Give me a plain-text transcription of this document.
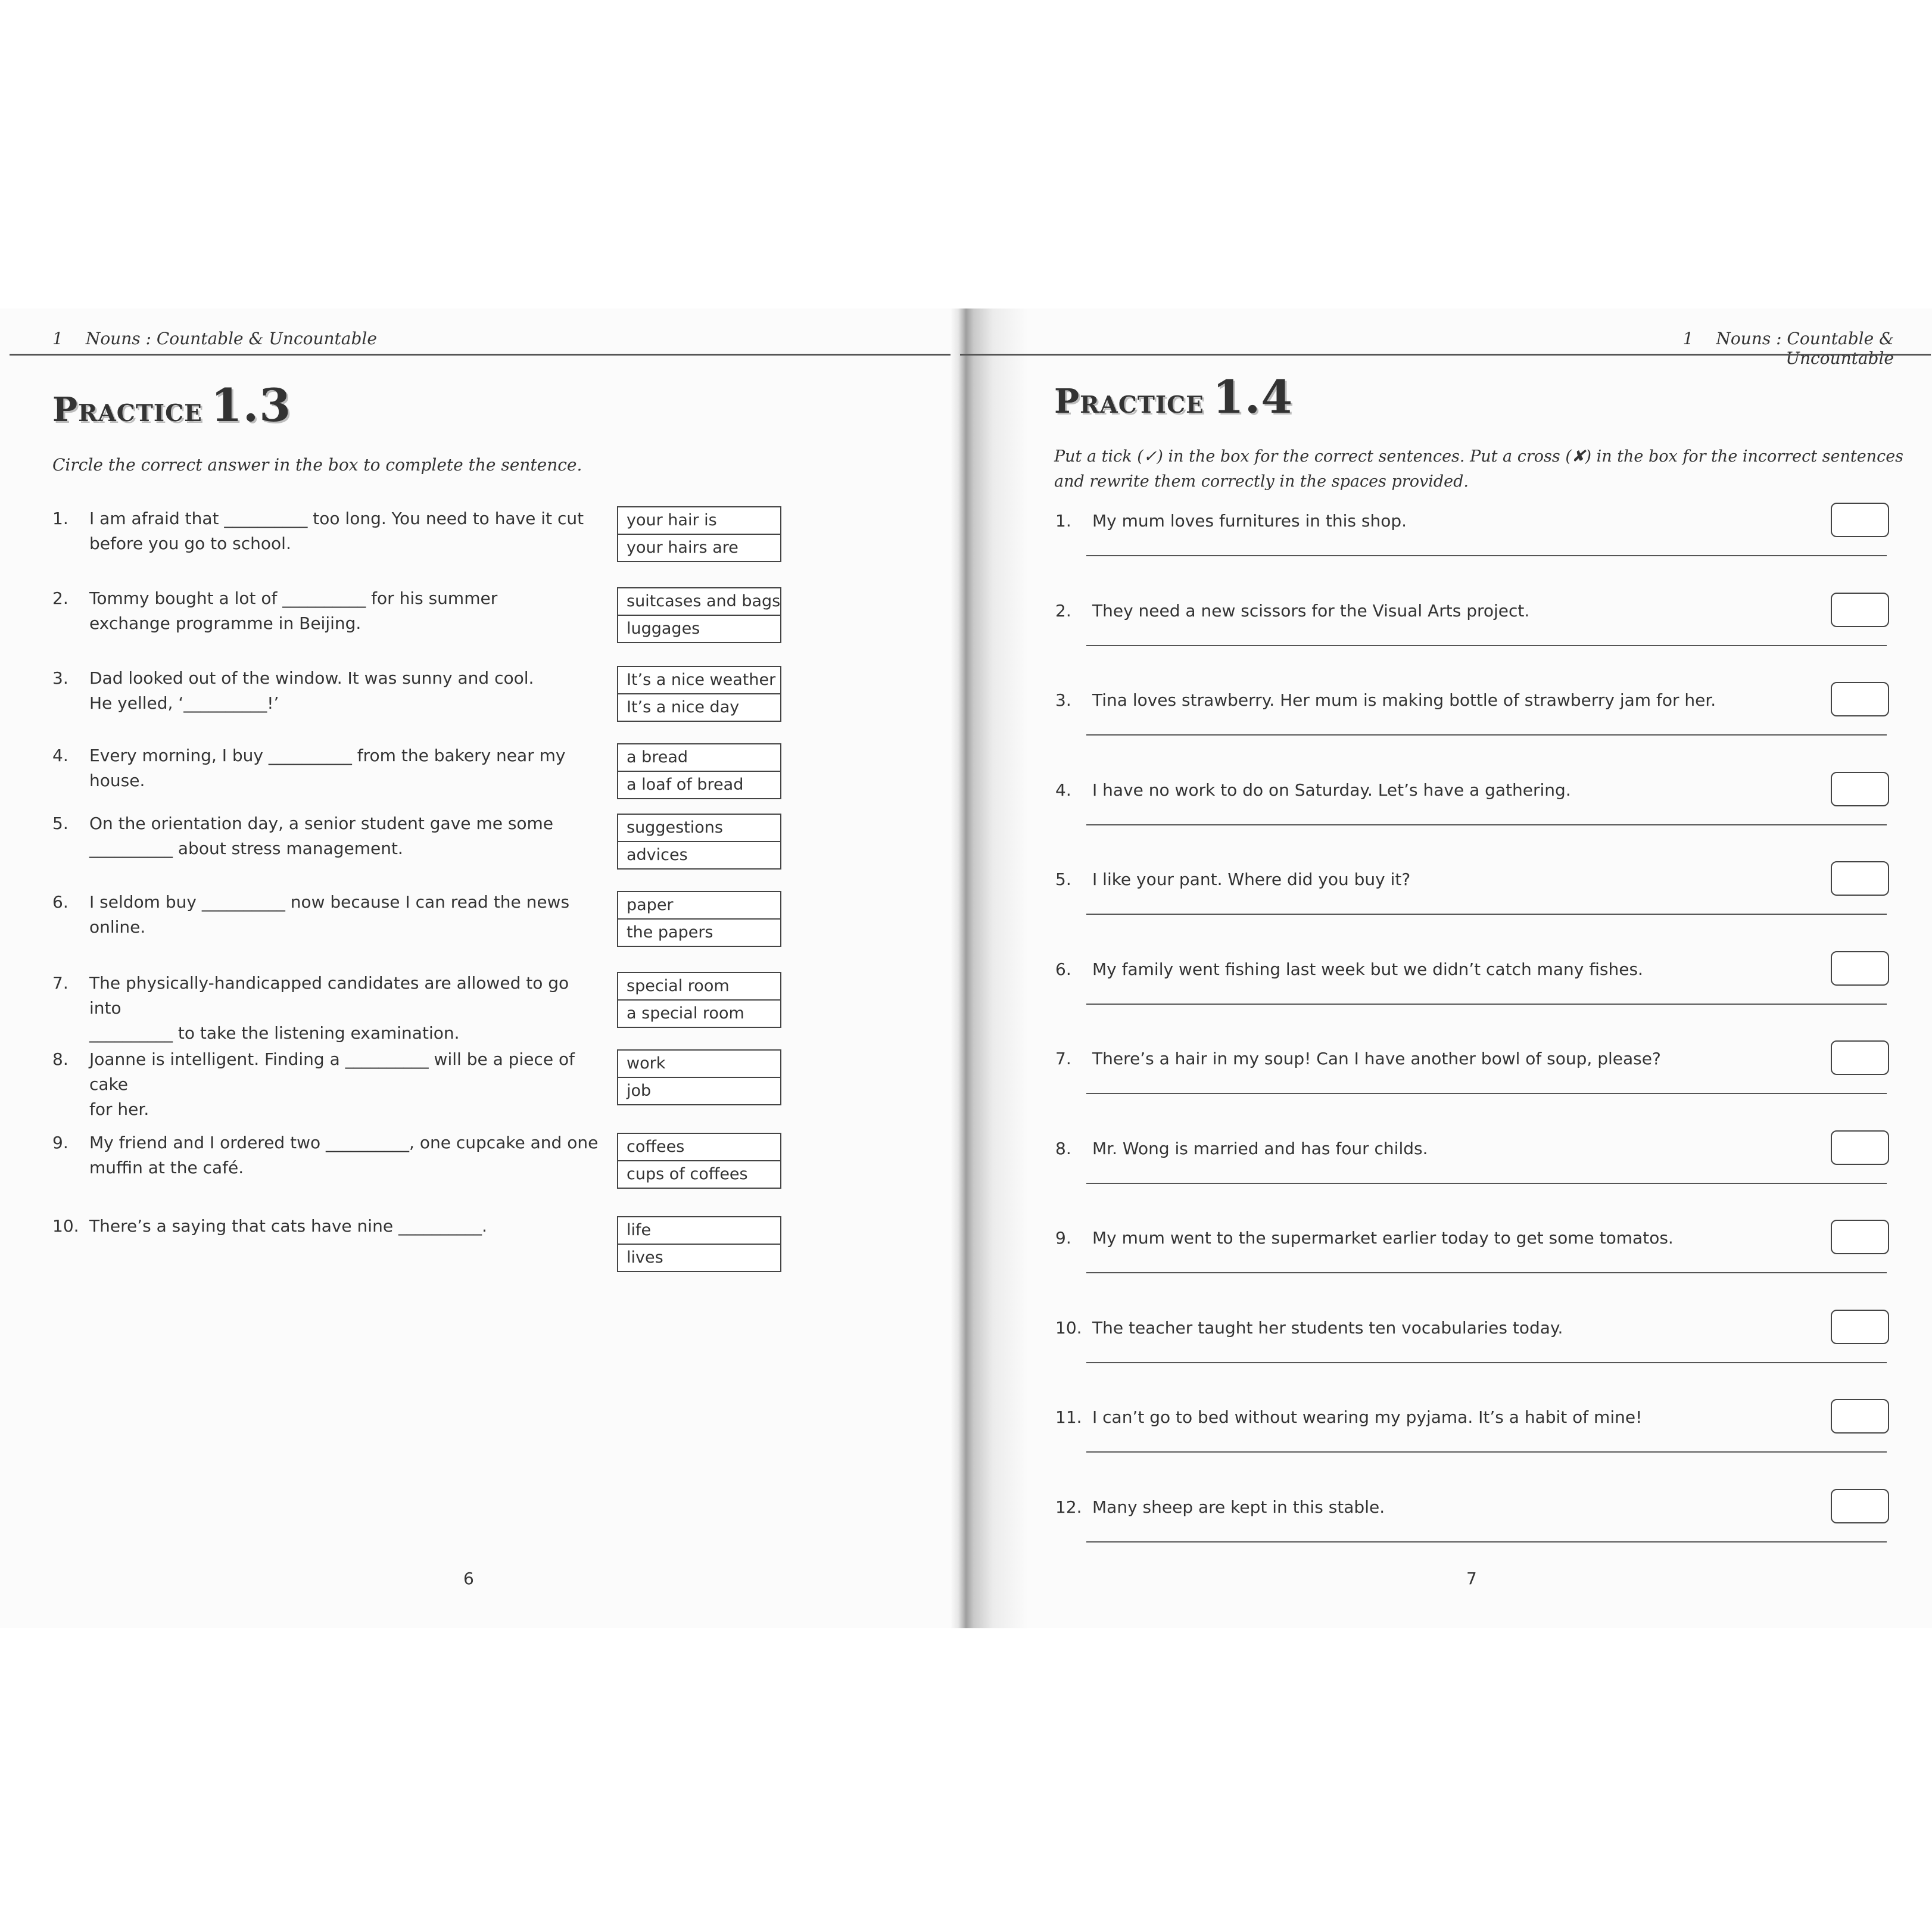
1 Nouns : Countable & Uncountable
Practice 1.3
Circle the correct answer in the box to complete the sentence.
1. I am afraid that __________ too long. You need to have it cut
before you go to school.
your hair is
your hairs are
2. Tommy bought a lot of __________ for his summer
exchange programme in Beijing.
suitcases and bags
luggages
3. Dad looked out of the window. It was sunny and cool.
He yelled, ‘__________!’
It’s a nice weather
It’s a nice day
4. Every morning, I buy __________ from the bakery near my house.
a bread
a loaf of bread
5. On the orientation day, a senior student gave me some
__________ about stress management.
suggestions
advices
6. I seldom buy __________ now because I can read the news online.
paper
the papers
7. The physically-handicapped candidates are allowed to go into
__________ to take the listening examination.
special room
a special room
8. Joanne is intelligent. Finding a __________ will be a piece of cake
for her.
work
job
9. My friend and I ordered two __________, one cupcake and one
muffin at the café.
coffees
cups of coffees
10. There’s a saying that cats have nine __________.	life
lives
6
1 Nouns : Countable & Uncountable
Practice 1.4
Put a tick (✓) in the box for the correct sentences. Put a cross (✘) in the box for the incorrect sentences
and rewrite them correctly in the spaces provided.
1. My mum loves furnitures in this shop.
2. They need a new scissors for the Visual Arts project.
3. Tina loves strawberry. Her mum is making bottle of strawberry jam for her.
4. I have no work to do on Saturday. Let’s have a gathering.
5. I like your pant. Where did you buy it?
6. My family went fishing last week but we didn’t catch many fishes.
7. There’s a hair in my soup! Can I have another bowl of soup, please?
8. Mr. Wong is married and has four childs.
9. My mum went to the supermarket earlier today to get some tomatos.
10. The teacher taught her students ten vocabularies today.
11. I can’t go to bed without wearing my pyjama. It’s a habit of mine!
12. Many sheep are kept in this stable.
7
